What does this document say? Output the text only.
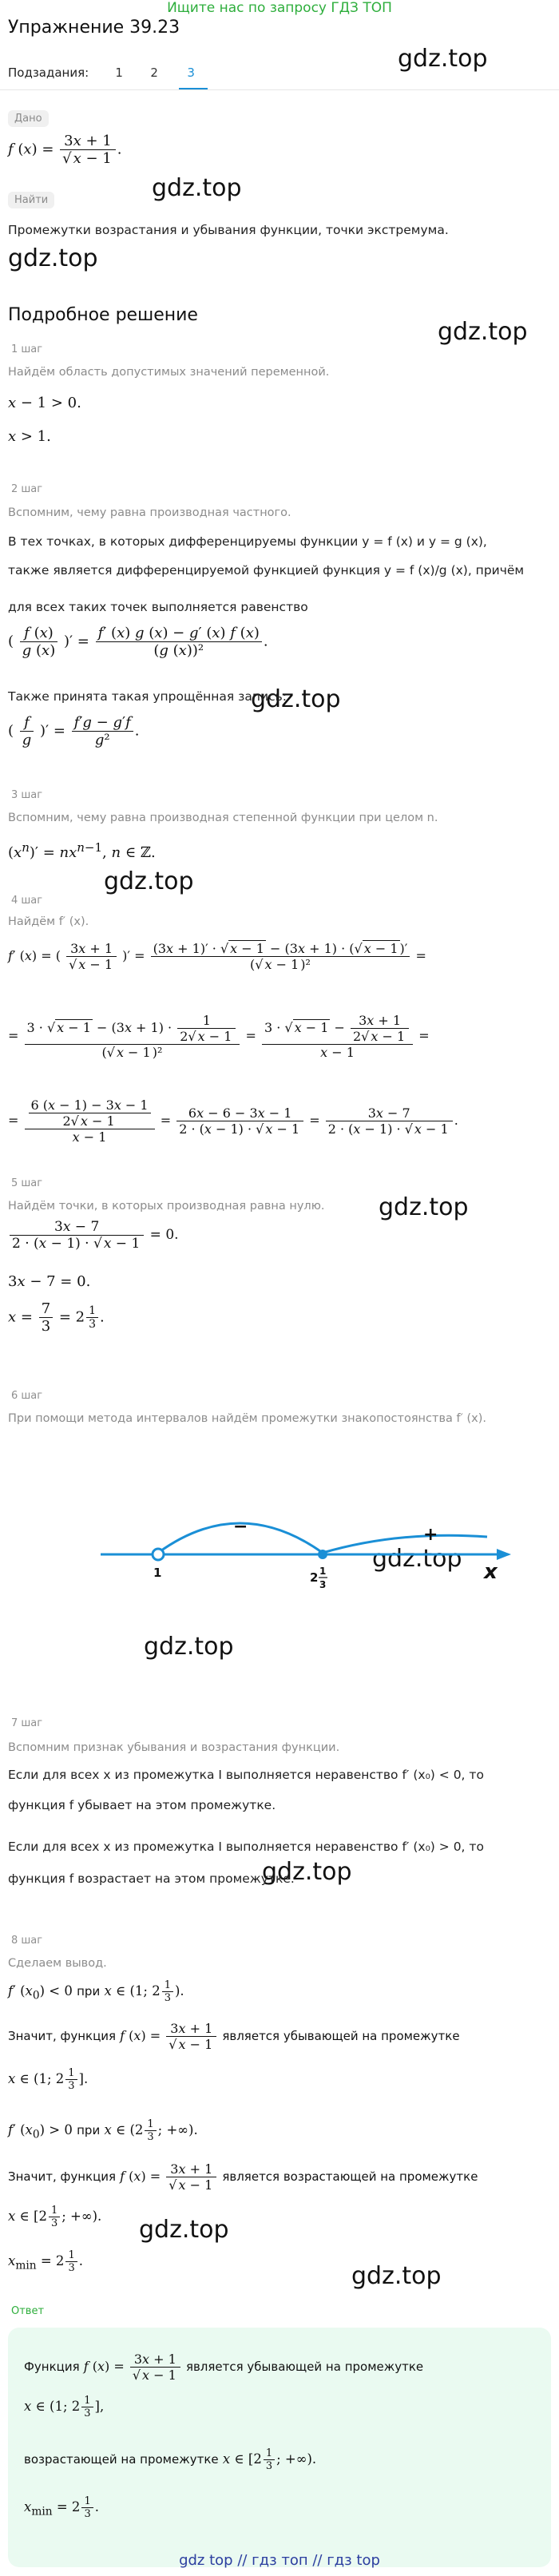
Ищите нас по запросу ГДЗ ТОП
Упражнение 39.23
Подзадания: 1 2 3	gdz.top
gdz.top
gdz.top
gdz.top
gdz.top
gdz.top
gdz.top
gdz.top
gdz.top
gdz.top
gdz.top
gdz.top
Дано
f $(x) = \frac{3x + 1}{√ x - 1}$ .
Найти
Промежутки возрастания и убывания функции, точки экстремума.
Подробное решение
1 шаг
Найдём область допустимых значений переменной.
x − 1 > 0.
x > 1.
2 шаг
Вспомним, чему равна производная частного.
В тех точках, в которых дифференцируемы функции y = f (x) и y = g (x),
также является дифференцируемой функцией функция y = f (x)/g (x), причём
для всех таких точек выполняется равенство
( $\frac{f (x)}{g (x)}$ )′ = $\frac{f' (x) g (x) - g' (x) f (x)}{\text{(g (x))²}}$ .
Также принята такая упрощённая запись:
( $\frac{f}{g}$ )′ = $\frac{f'g - g'f}{\text{g²}}$ .
3 шаг
Вспомним, чему равна производная степенной функции при целом n.
$(x^n)' = nx^{n-1}$, n ∈ ℤ.
4 шаг
Найдём f′ (x).
f′ (x) = ( $\frac{3x + 1}{√ x - 1}$ )′ = $\frac{(3x + 1)' \cdot √ x - 1 - (3x + 1) \cdot (√ x - 1 )'}{\text{(√ x − 1 )²}}$ =
= $\frac{3 \cdot √ x - 1 - (3x + 1) \cdot \frac{1}{2√ x - 1}}{\text{(√ x − 1 )²}} = \frac{3 \cdot √ x - 1 - \frac{3x + 1}{2√ x - 1}}{x - 1}$ =
= $\frac{\frac{6 (x - 1) - 3x - 1}{2√ x - 1}}{x - 1} = \frac{6x - 6 - 3x - 1}{2 \cdot (x - 1) \cdot √ x - 1} = \frac{3x - 7}{2 \cdot (x - 1) \cdot √ x - 1}$ .
5 шаг
Найдём точки, в которых производная равна нулю.
$\frac{3x - 7}{2 \cdot (x - 1) \cdot √ x - 1} = 0$.
3x − 7 = 0.
$x = \frac{7}{3} = 2 \frac{1}{3}$ .
6 шаг
При помощи метода интервалов найдём промежутки знакопостоянства f′ (x).
−	+
1	2 1
3
x
7 шаг
Вспомним признак убывания и возрастания функции.
Если для всех x из промежутка I выполняется неравенство f′ (x₀) < 0, то
функция f убывает на этом промежутке.
Если для всех x из промежутка I выполняется неравенство f′ (x₀) > 0, то
функция f возрастает на этом промежутке.
8 шаг
Сделаем вывод.
f′ $(x_0) < 0$ при x ∈ (1; $2 \frac{1}{3}$ ).
Значит, функция f $(x) = \frac{3x + 1}{√ x - 1}$ является убывающей на промежутке
x ∈ (1; $2 \frac{1}{3}$ ].
f′ $(x_0) > 0$ при x ∈ ($2 \frac{1}{3}$ ; +∞).
Значит, функция f $(x) = \frac{3x + 1}{√ x - 1}$ является возрастающей на промежутке
x ∈ [$2 \frac{1}{3}$ ; +∞).
$x_{min} = 2 \frac{1}{3}$ .
Ответ
Функция f $(x) = \frac{3x + 1}{√ x - 1}$ является убывающей на промежутке
x ∈ (1; $2 \frac{1}{3}$ ],
возрастающей на промежутке x ∈ [$2 \frac{1}{3}$ ; +∞).
$x_{min} = 2 \frac{1}{3}$ .
gdz top // гдз топ // гдз top
